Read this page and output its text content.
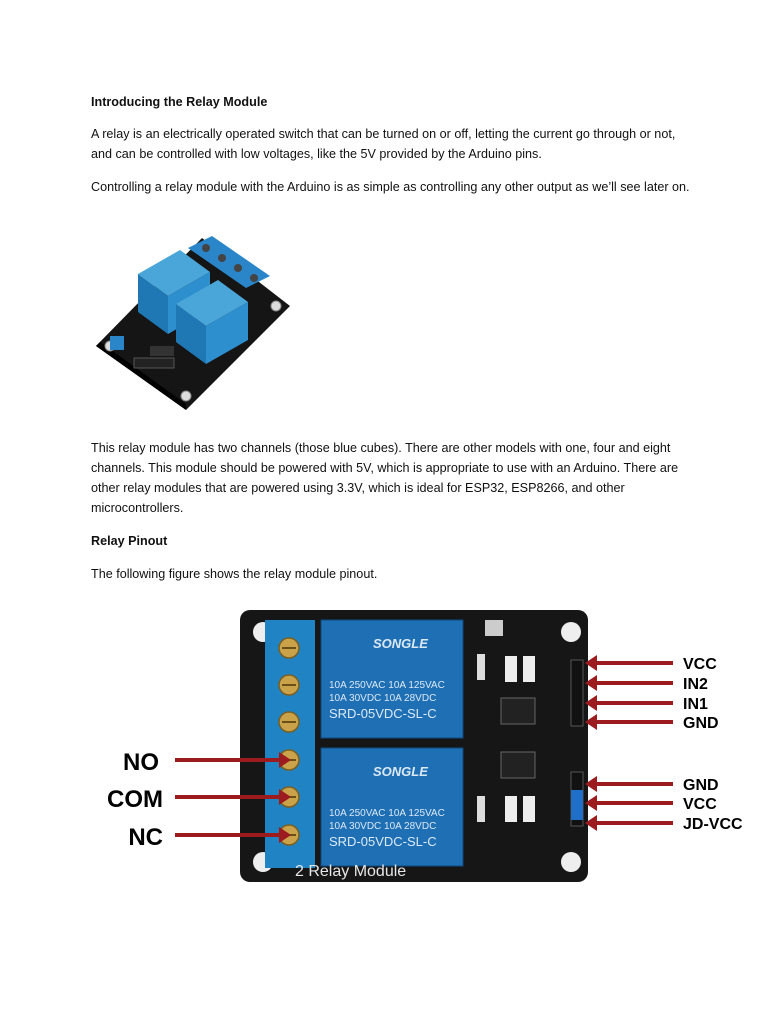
Introducing the Relay Module
A relay is an electrically operated switch that can be turned on or off, letting the current go through or not, and can be controlled with low voltages, like the 5V provided by the Arduino pins.
Controlling a relay module with the Arduino is as simple as controlling any other output as we’ll see later on.
This relay module has two channels (those blue cubes). There are other models with one, four and eight channels. This module should be powered with 5V, which is appropriate to use with an Arduino. There are other relay modules that are powered using 3.3V, which is ideal for ESP32, ESP8266, and other microcontrollers.
Relay Pinout
The following figure shows the relay module pinout.
SONGLE
10A 250VAC 10A 125VAC
10A 30VDC 10A 28VDC
SRD-05VDC-SL-C
SONGLE
10A 250VAC 10A 125VAC
10A 30VDC 10A 28VDC
SRD-05VDC-SL-C
2 Relay Module
NO
COM
NC
VCC
IN2
IN1
GND
GND
VCC
JD-VCC
